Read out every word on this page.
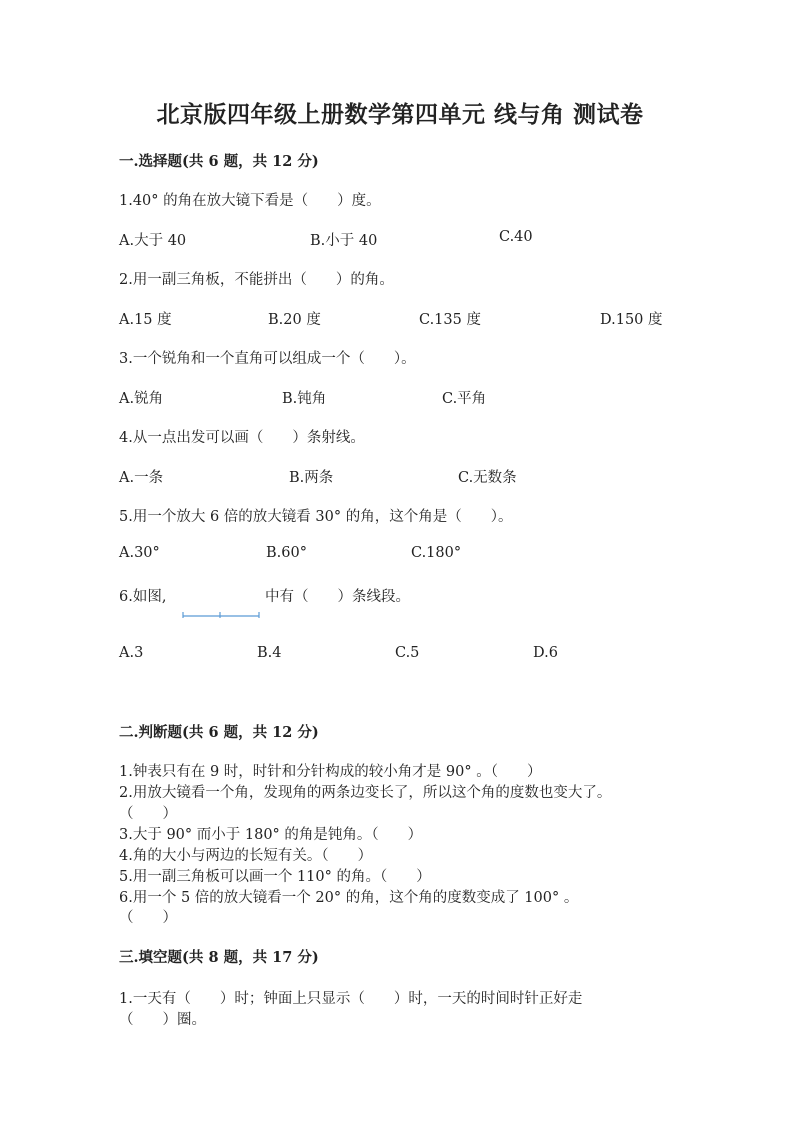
北京版四年级上册数学第四单元 线与角 测试卷
一.选择题(共 6 题，共 12 分)
1.40° 的角在放大镜下看是（　　）度。
A.大于 40	B.小于 40	C.40
2.用一副三角板，不能拼出（　　）的角。
A.15 度	B.20 度	C.135 度	D.150 度
3.一个锐角和一个直角可以组成一个（　　）。
A.锐角	B.钝角	C.平角
4.从一点出发可以画（　　）条射线。
A.一条	B.两条	C.无数条
5.用一个放大 6 倍的放大镜看 30° 的角，这个角是（　　）。
A.30°	B.60°	C.180°
6.如图,	中有（　　）条线段。
A.3	B.4	C.5	D.6
二.判断题(共 6 题，共 12 分)
1.钟表只有在 9 时，时针和分针构成的较小角才是 90° 。（　　）
2.用放大镜看一个角，发现角的两条边变长了，所以这个角的度数也变大了。
（　　）
3.大于 90° 而小于 180° 的角是钝角。（　　）
4.角的大小与两边的长短有关。（　　）
5.用一副三角板可以画一个 110° 的角。（　　）
6.用一个 5 倍的放大镜看一个 20° 的角，这个角的度数变成了 100° 。
（　　）
三.填空题(共 8 题，共 17 分)
1.一天有（　　）时；钟面上只显示（　　）时，一天的时间时针正好走
（　　）圈。
